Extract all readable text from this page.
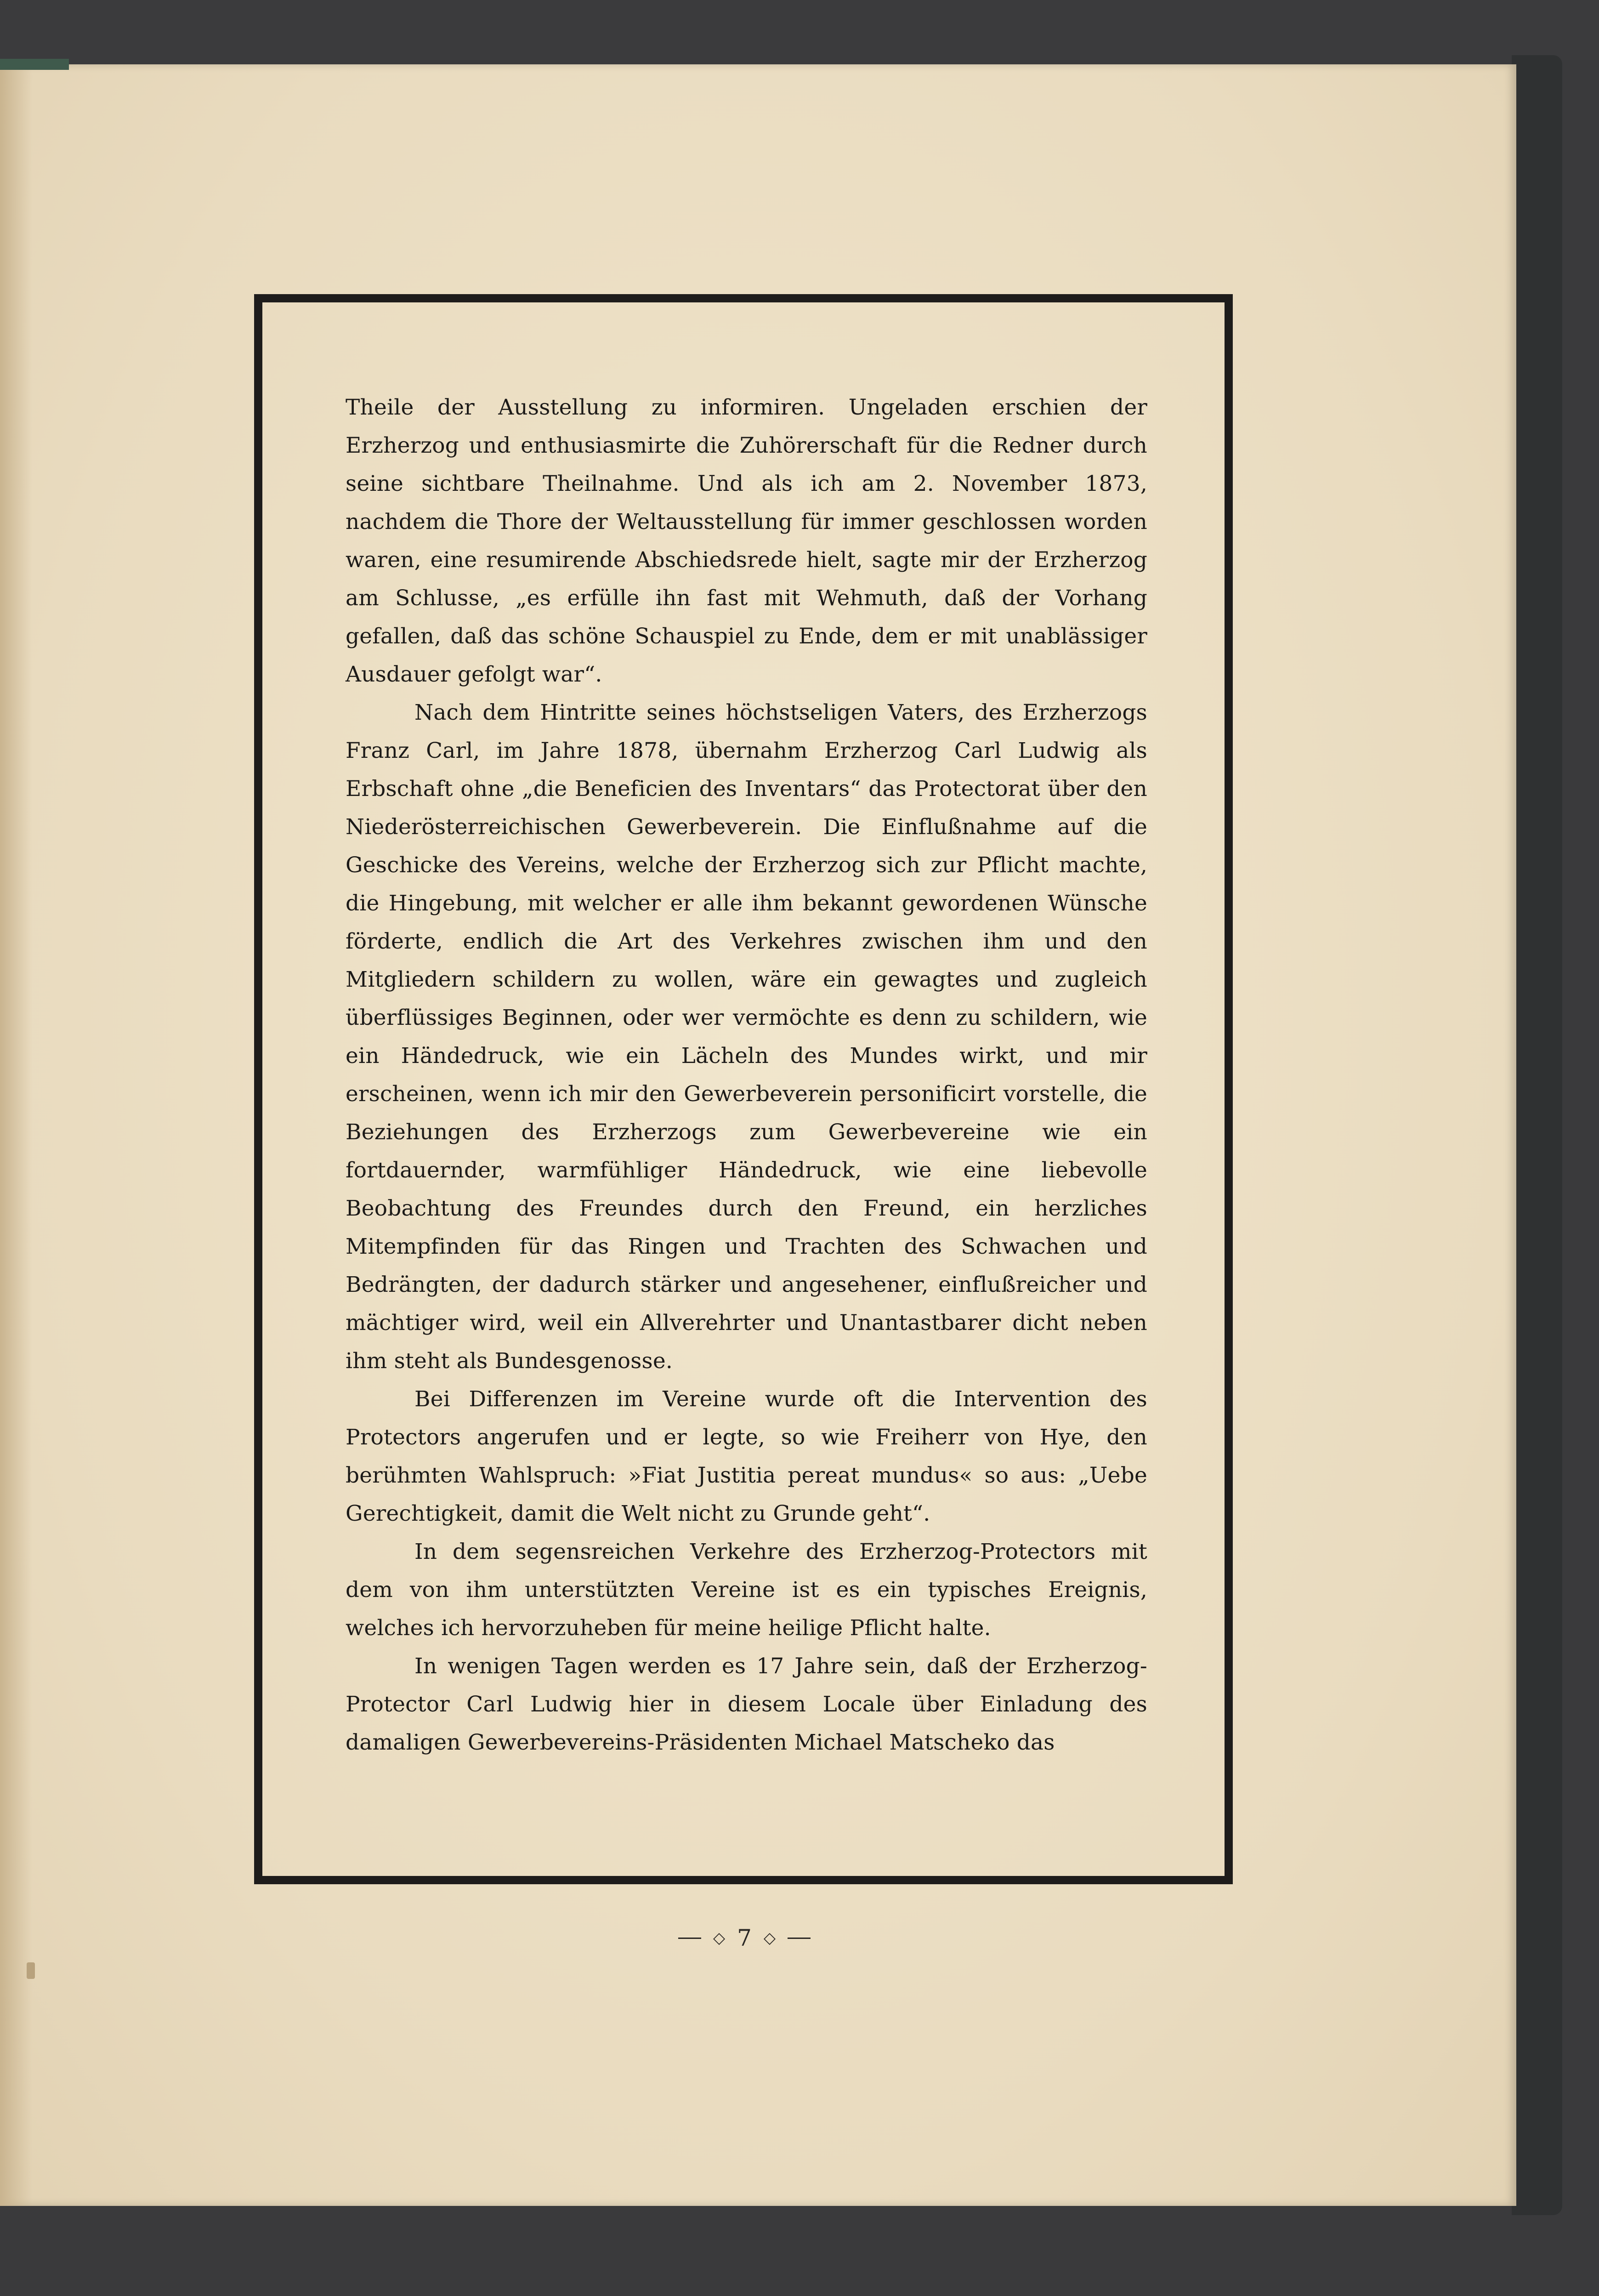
Theile der Ausstellung zu informiren. Ungeladen erschien der Erzherzog und enthusiasmirte die Zuhörerschaft für die Redner durch seine sichtbare Theilnahme. Und als ich am 2. November 1873, nachdem die Thore der Weltausstellung für immer geschlossen worden waren, eine resumirende Abschiedsrede hielt, sagte mir der Erzherzog am Schlusse, „es erfülle ihn fast mit Wehmuth, daß der Vorhang gefallen, daß das schöne Schauspiel zu Ende, dem er mit unablässiger Ausdauer gefolgt war“.

Nach dem Hintritte seines höchstseligen Vaters, des Erzherzogs Franz Carl, im Jahre 1878, übernahm Erzherzog Carl Ludwig als Erbschaft ohne „die Beneficien des Inventars“ das Protectorat über den Niederösterreichischen Gewerbeverein. Die Einflußnahme auf die Geschicke des Vereins, welche der Erzherzog sich zur Pflicht machte, die Hingebung, mit welcher er alle ihm bekannt gewordenen Wünsche förderte, endlich die Art des Verkehres zwischen ihm und den Mitgliedern schildern zu wollen, wäre ein gewagtes und zugleich überflüssiges Beginnen, oder wer vermöchte es denn zu schildern, wie ein Händedruck, wie ein Lächeln des Mundes wirkt, und mir erscheinen, wenn ich mir den Gewerbeverein personificirt vorstelle, die Beziehungen des Erzherzogs zum Gewerbevereine wie ein fortdauernder, warmfühliger Händedruck, wie eine liebevolle Beobachtung des Freundes durch den Freund, ein herzliches Mitempfinden für das Ringen und Trachten des Schwachen und Bedrängten, der dadurch stärker und angesehener, einflußreicher und mächtiger wird, weil ein Allverehrter und Unantastbarer dicht neben ihm steht als Bundesgenosse.

Bei Differenzen im Vereine wurde oft die Intervention des Protectors angerufen und er legte, so wie Freiherr von Hye, den berühmten Wahlspruch: »Fiat Justitia pereat mundus« so aus: „Uebe Gerechtigkeit, damit die Welt nicht zu Grunde geht“.

In dem segensreichen Verkehre des Erzherzog-Protectors mit dem von ihm unterstützten Vereine ist es ein typisches Ereignis, welches ich hervorzuheben für meine heilige Pflicht halte.

In wenigen Tagen werden es 17 Jahre sein, daß der Erzherzog-Protector Carl Ludwig hier in diesem Locale über Einladung des damaligen Gewerbevereins-Präsidenten Michael Matscheko das

◇ 7 ◇
